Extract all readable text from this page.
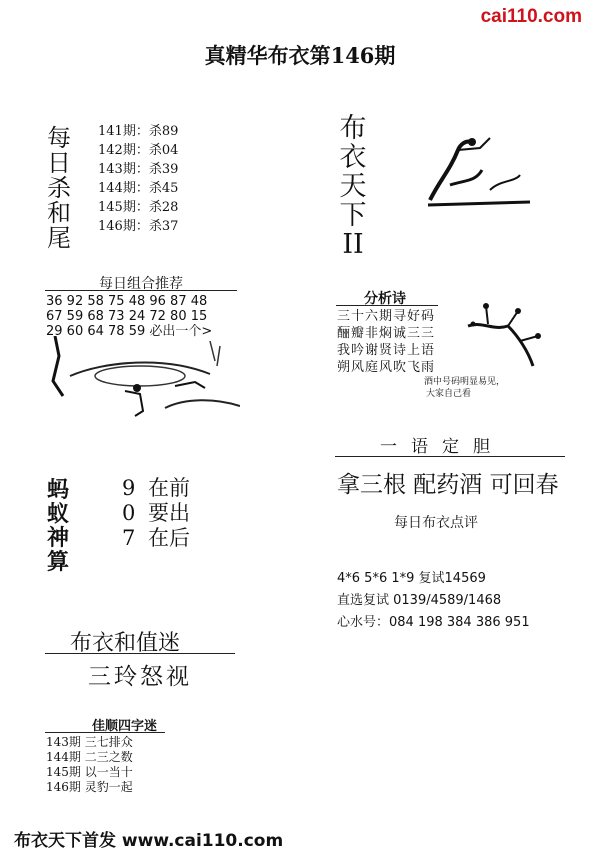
cai110.com
真精华布衣第146期
每日杀和尾
141期：杀89
142期：杀04
143期：杀39
144期：杀45
145期：杀28
146期：杀37
布衣天下II
每日组合推荐
36 92 58 75 48 96 87 48
67 59 68 73 24 72 80 15
29 60 64 78 59 必出一个>
分析诗
三十六期寻好码
酾瓣非焖诚三三
我吟谢贤诗上语
朔风庭风吹飞雨
酒中号码明显易见，
大家自己看
一语定胆
拿三根 配药酒 可回春
每日布衣点评
4*6 5*6 1*9 复试14569
直选复试 0139/4589/1468
心水号：084 198 384 386 951
蚂蚁神算
9 在前
0 要出
7 在后
布衣和值迷
三玲怒视
佳顺四字迷
143期 三七排众
144期 二三之数
145期 以一当十
146期 灵豹一起
布衣天下首发 www.cai110.com
